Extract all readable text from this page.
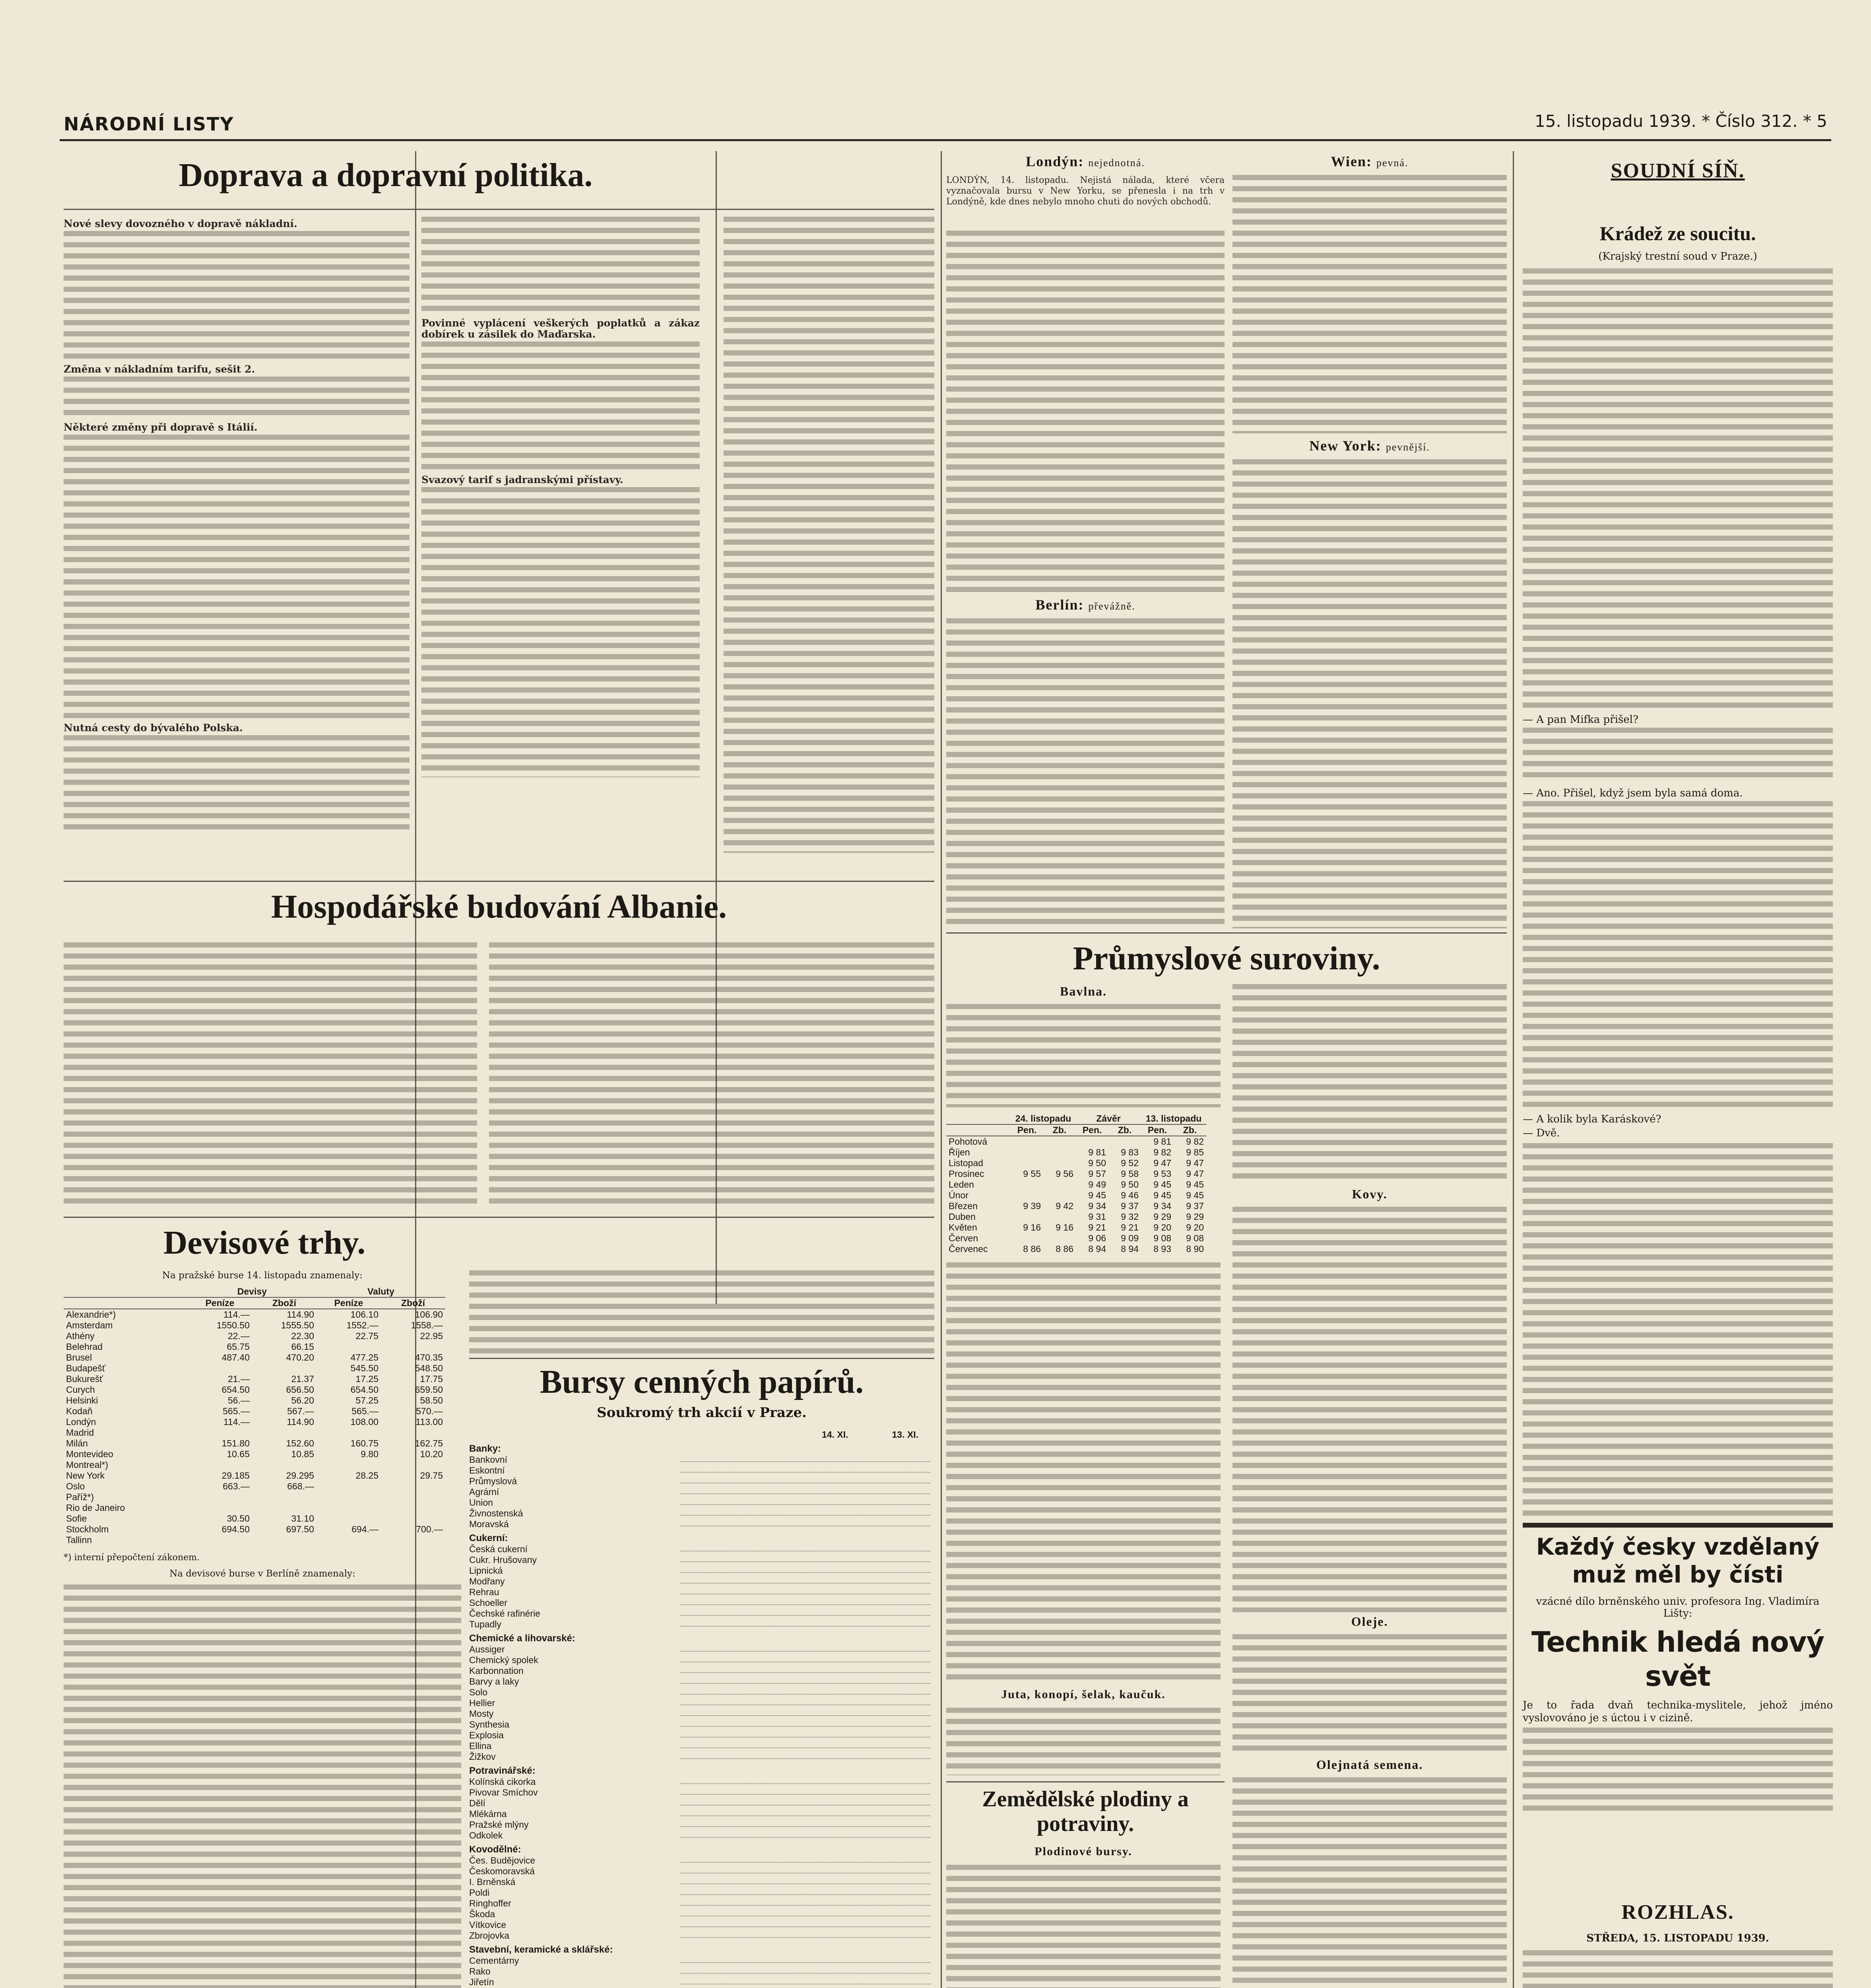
NÁRODNÍ LISTY	15. listopadu 1939. * Číslo 312. * 5
Doprava a dopravní politika.
Nové slevy dovozného v dopravě nákladní.
Změna v nákladním tarifu, sešit 2.
Některé změny při dopravě s Itálií.
Nutná cesty do bývalého Polska.
Povinné vyplácení veškerých poplatků a zákaz dobírek u zásilek do Maďarska.
Svazový tarif s jadranskými přístavy.
Hospodářské budování Albanie.
Devisové trhy.
Na pražské burse 14. listopadu znamenaly:
	Devisy		Valuty	
	Peníze	Zboží	Peníze	Zboží
Alexandrie*)	114.—	114.90	106.10	106.90
Amsterdam	1550.50	1555.50	1552.—	1558.—
Athény	22.—	22.30	22.75	22.95
Belehrad	65.75	66.15		
Brusel	487.40	470.20	477.25	470.35
Budapešť			545.50	548.50
Bukurešť	21.—	21.37	17.25	17.75
Curych	654.50	656.50	654.50	659.50
Helsinki	56.—	56.20	57.25	58.50
Kodaň	565.—	567.—	565.—	570.—
Londýn	114.—	114.90	108.00	113.00
Madrid				
Milán	151.80	152.60	160.75	162.75
Montevideo	10.65	10.85	9.80	10.20
Montreal*)				
New York	29.185	29.295	28.25	29.75
Oslo	663.—	668.—		
Paříž*)				
Rio de Janeiro				
Sofie	30.50	31.10		
Stockholm	694.50	697.50	694.—	700.—
Tallinn				
*) interní přepočtení zákonem.
Na devisové burse v Berlíně znamenaly:
Bursy cenných papírů.
Soukromý trh akcií v Praze.
14. XI.	13. XI.
Banky:
Bankovní
Eskontní
Průmyslová
Agrární
Union
Živnostenská
Moravská
Cukerní:
Česká cukerní
Cukr. Hrušovany
Lipnická
Modřany
Rehrau
Schoeller
Čechské rafinérie
Tupadly
Chemické a lihovarské:
Aussiger
Chemický spolek
Karbonnation
Barvy a laky
Solo
Hellier
Mosty
Synthesia
Explosia
Ellina
Žižkov
Potravinářské:
Kolínská cikorka
Pivovar Smíchov
Dělí
Mlékárna
Pražské mlýny
Odkolek
Kovodělné:
Čes. Budějovice
Českomoravská
I. Brněnská
Poldi
Ringhoffer
Škoda
Vítkovice
Zbrojovka
Stavební, keramické a sklářské:
Cementárny
Rako
Jiřetín
Londýn: nejednotná.
LONDÝN, 14. listopadu. Nejistá nálada, které včera vyznačovala bursu v New Yorku, se přenesla i na trh v Londýně, kde dnes nebylo mnoho chuti do nových obchodů.
Berlín: převážně.
Wien: pevná.
New York: pevnější.
Průmyslové suroviny.
Bavlna.
	24. listopadu		Závěr		13. listopadu	
	Pen.	Zb.	Pen.	Zb.	Pen.	Zb.
Pohotová					9 81	9 82
Říjen			9 81	9 83	9 82	9 85
Listopad			9 50	9 52	9 47	9 47
Prosinec	9 55	9 56	9 57	9 58	9 53	9 47
Leden			9 49	9 50	9 45	9 45
Únor			9 45	9 46	9 45	9 45
Březen	9 39	9 42	9 34	9 37	9 34	9 37
Duben			9 31	9 32	9 29	9 29
Květen	9 16	9 16	9 21	9 21	9 20	9 20
Červen			9 06	9 09	9 08	9 08
Červenec	8 86	8 86	8 94	8 94	8 93	8 90
Juta, konopí, šelak, kaučuk.
Kovy.
Oleje.
Olejnatá semena.
Zemědělské plodiny a potraviny.
Plodinové bursy.
SOUDNÍ SÍŇ.
Krádež ze soucitu.
(Krajský trestní soud v Praze.)
— A pan Mifka přišel?
— Ano. Přišel, když jsem byla samá doma.
— A kolik byla Karáskové?
— Dvě.
Každý česky vzdělaný
muž měl by čísti
vzácné dílo brněnského univ. profesora Ing. Vladimíra Lišty:
Technik hledá nový svět
Je to řada dvaň technika-myslitele, jehož jméno vyslovováno je s úctou i v cizině.
ROZHLAS.
STŘEDA, 15. LISTOPADU 1939.
